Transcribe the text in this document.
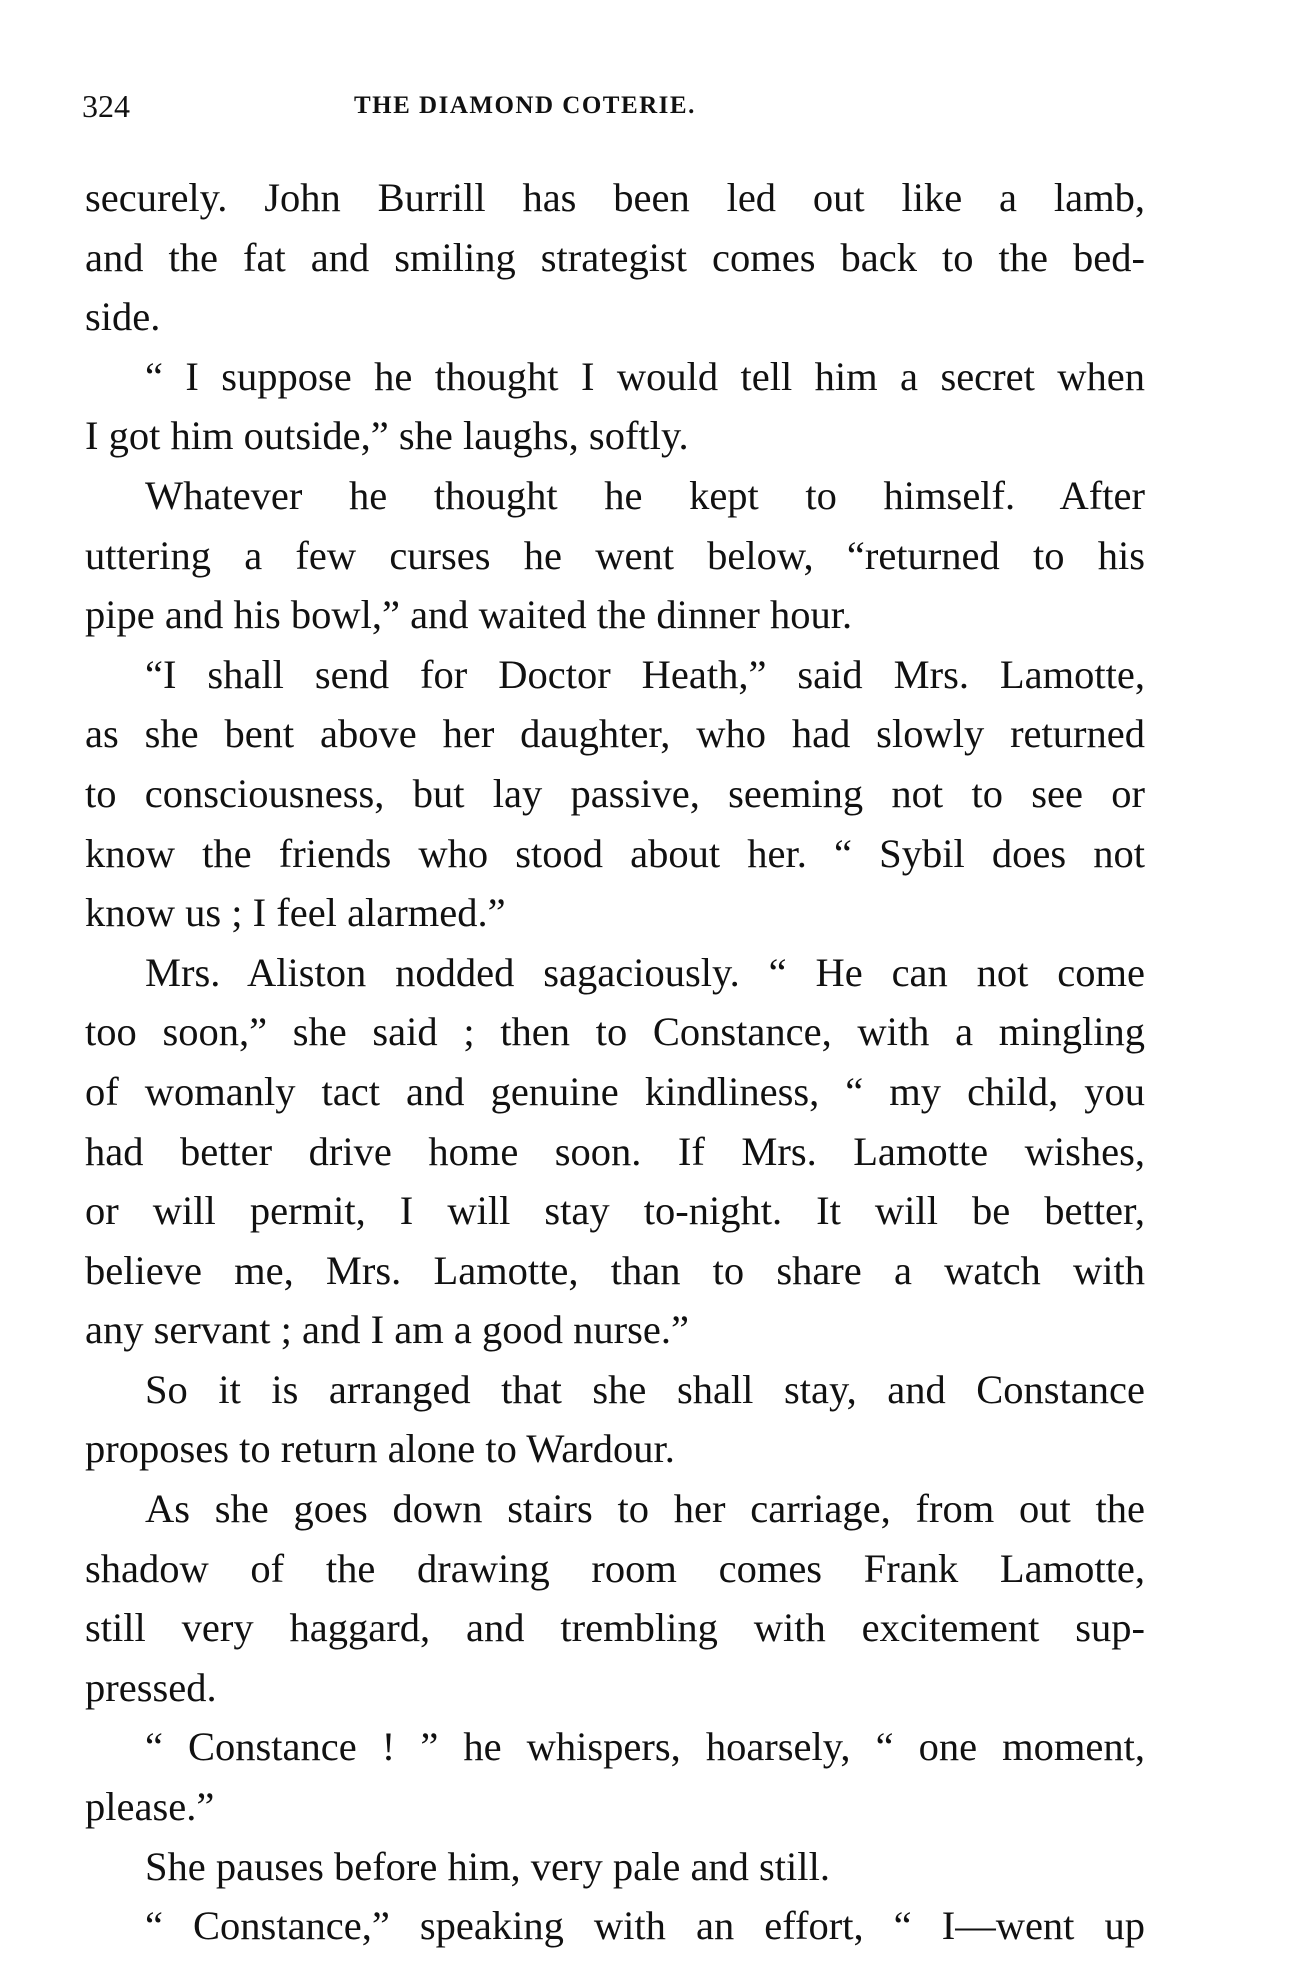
324	THE DIAMOND COTERIE.
securely. John Burrill has been led out like a lamb,
and the fat and smiling strategist comes back to the bed-
side.
“ I suppose he thought I would tell him a secret when
I got him outside,” she laughs, softly.
Whatever he thought he kept to himself. After
uttering a few curses he went below, “returned to his
pipe and his bowl,” and waited the dinner hour.
“I shall send for Doctor Heath,” said Mrs. Lamotte,
as she bent above her daughter, who had slowly returned
to consciousness, but lay passive, seeming not to see or
know the friends who stood about her. “ Sybil does not
know us ; I feel alarmed.”
Mrs. Aliston nodded sagaciously. “ He can not come
too soon,” she said ; then to Constance, with a mingling
of womanly tact and genuine kindliness, “ my child, you
had better drive home soon. If Mrs. Lamotte wishes,
or will permit, I will stay to-night. It will be better,
believe me, Mrs. Lamotte, than to share a watch with
any servant ; and I am a good nurse.”
So it is arranged that she shall stay, and Constance
proposes to return alone to Wardour.
As she goes down stairs to her carriage, from out the
shadow of the drawing room comes Frank Lamotte,
still very haggard, and trembling with excitement sup-
pressed.
“ Constance ! ” he whispers, hoarsely, “ one moment,
please.”
She pauses before him, very pale and still.
“ Constance,” speaking with an effort, “ I—went up
